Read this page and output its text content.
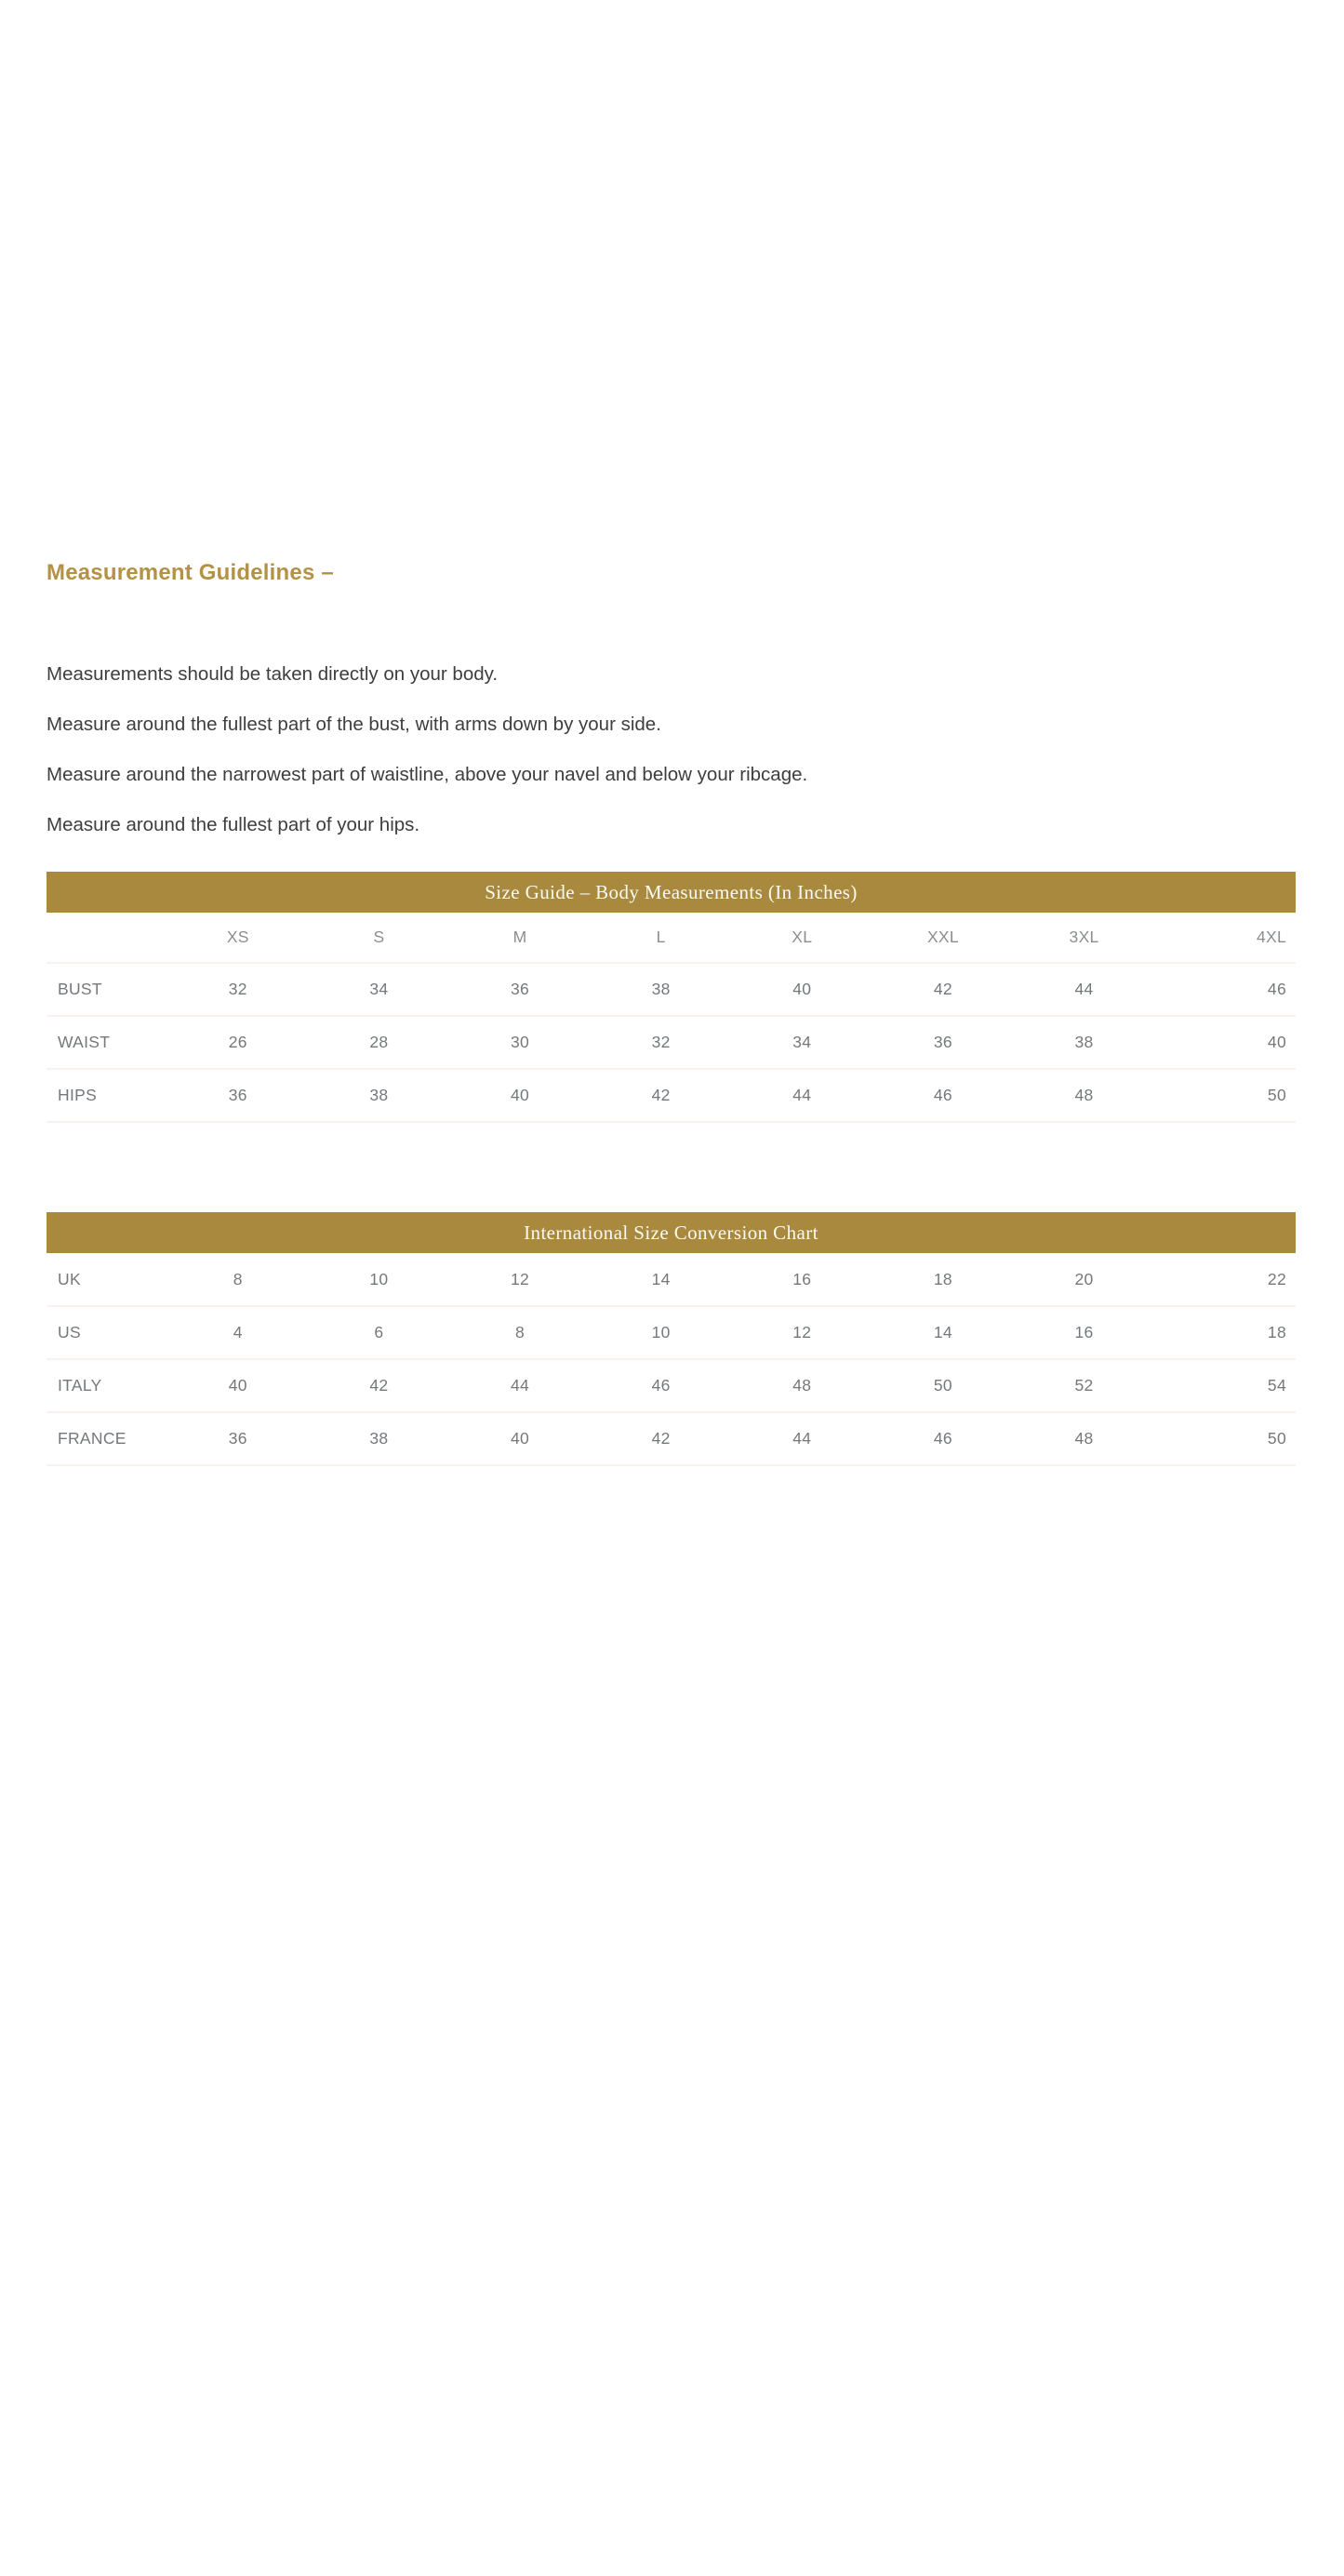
Measurement Guidelines –
Measurements should be taken directly on your body.
Measure around the fullest part of the bust, with arms down by your side.
Measure around the narrowest part of waistline, above your navel and below your ribcage.
Measure around the fullest part of your hips.
Size Guide – Body Measurements (In Inches)
	XS	S	M	L	XL	XXL	3XL	4XL
BUST	32	34	36	38	40	42	44	46
WAIST	26	28	30	32	34	36	38	40
HIPS	36	38	40	42	44	46	48	50
International Size Conversion Chart
UK	8	10	12	14	16	18	20	22
US	4	6	8	10	12	14	16	18
ITALY	40	42	44	46	48	50	52	54
FRANCE	36	38	40	42	44	46	48	50
